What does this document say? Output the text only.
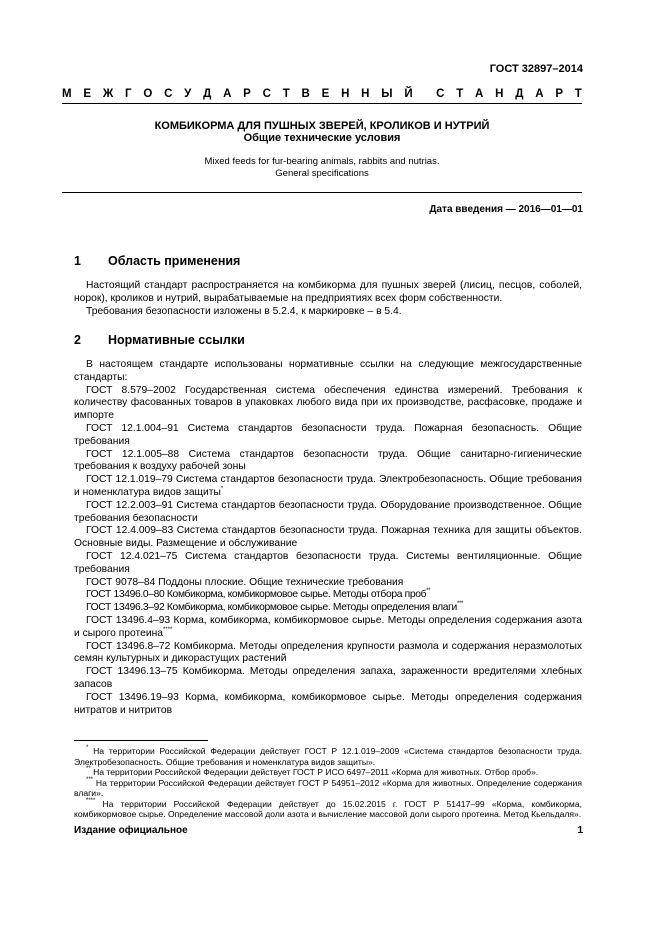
ГОСТ 32897–2014
М Е Ж Г О С У Д А Р С Т В Е Н Н Ы Й С Т А Н Д А Р Т
КОМБИКОРМА ДЛЯ ПУШНЫХ ЗВЕРЕЙ, КРОЛИКОВ И НУТРИЙ
Общие технические условия
Mixed feeds for fur-bearing animals, rabbits and nutrias.
General specifications
Дата введения — 2016—01—01
1 Область применения

Настоящий стандарт распространяется на комбикорма для пушных зверей (лисиц, песцов, соболей, норок), кроликов и нутрий, вырабатываемые на предприятиях всех форм собственности.

Требования безопасности изложены в 5.2.4, к маркировке – в 5.4.

2 Нормативные ссылки

В настоящем стандарте использованы нормативные ссылки на следующие межгосударственные стандарты:

ГОСТ 8.579–2002 Государственная система обеспечения единства измерений. Требования к количеству фасованных товаров в упаковках любого вида при их производстве, расфасовке, продаже и импорте

ГОСТ 12.1.004–91 Система стандартов безопасности труда. Пожарная безопасность. Общие требования

ГОСТ 12.1.005–88 Система стандартов безопасности труда. Общие санитарно-гигиенические требования к воздуху рабочей зоны

ГОСТ 12.1.019–79 Система стандартов безопасности труда. Электробезопасность. Общие требования и номенклатура видов защиты*

ГОСТ 12.2.003–91 Система стандартов безопасности труда. Оборудование производственное. Общие требования безопасности

ГОСТ 12.4.009–83 Система стандартов безопасности труда. Пожарная техника для защиты объектов. Основные виды. Размещение и обслуживание

ГОСТ 12.4.021–75 Система стандартов безопасности труда. Системы вентиляционные. Общие требования

ГОСТ 9078–84 Поддоны плоские. Общие технические требования

ГОСТ 13496.0–80 Комбикорма, комбикормовое сырье. Методы отбора проб**

ГОСТ 13496.3–92 Комбикорма, комбикормовое сырье. Методы определения влаги***

ГОСТ 13496.4–93 Корма, комбикорма, комбикормовое сырье. Методы определения содержания азота и сырого протеина****

ГОСТ 13496.8–72 Комбикорма. Методы определения крупности размола и содержания неразмолотых семян культурных и дикорастущих растений

ГОСТ 13496.13–75 Комбикорма. Методы определения запаха, зараженности вредителями хлебных запасов

ГОСТ 13496.19–93 Корма, комбикорма, комбикормовое сырье. Методы определения содержания нитратов и нитритов

* На территории Российской Федерации действует ГОСТ Р 12.1.019–2009 «Система стандартов безопасности труда. Электробезопасность. Общие требования и номенклатура видов защиты».

** На территории Российской Федерации действует ГОСТ Р ИСО 6497–2011 «Корма для животных. Отбор проб».

*** На территории Российской Федерации действует ГОСТ Р 54951–2012 «Корма для животных. Определение содержания влаги».

**** На территории Российской Федерации действует до 15.02.2015 г. ГОСТ Р 51417–99 «Корма, комбикорма, комбикормовое сырье. Определение массовой доли азота и вычисление массовой доли сырого протеина. Метод Кьельдаля».

Издание официальное	1
